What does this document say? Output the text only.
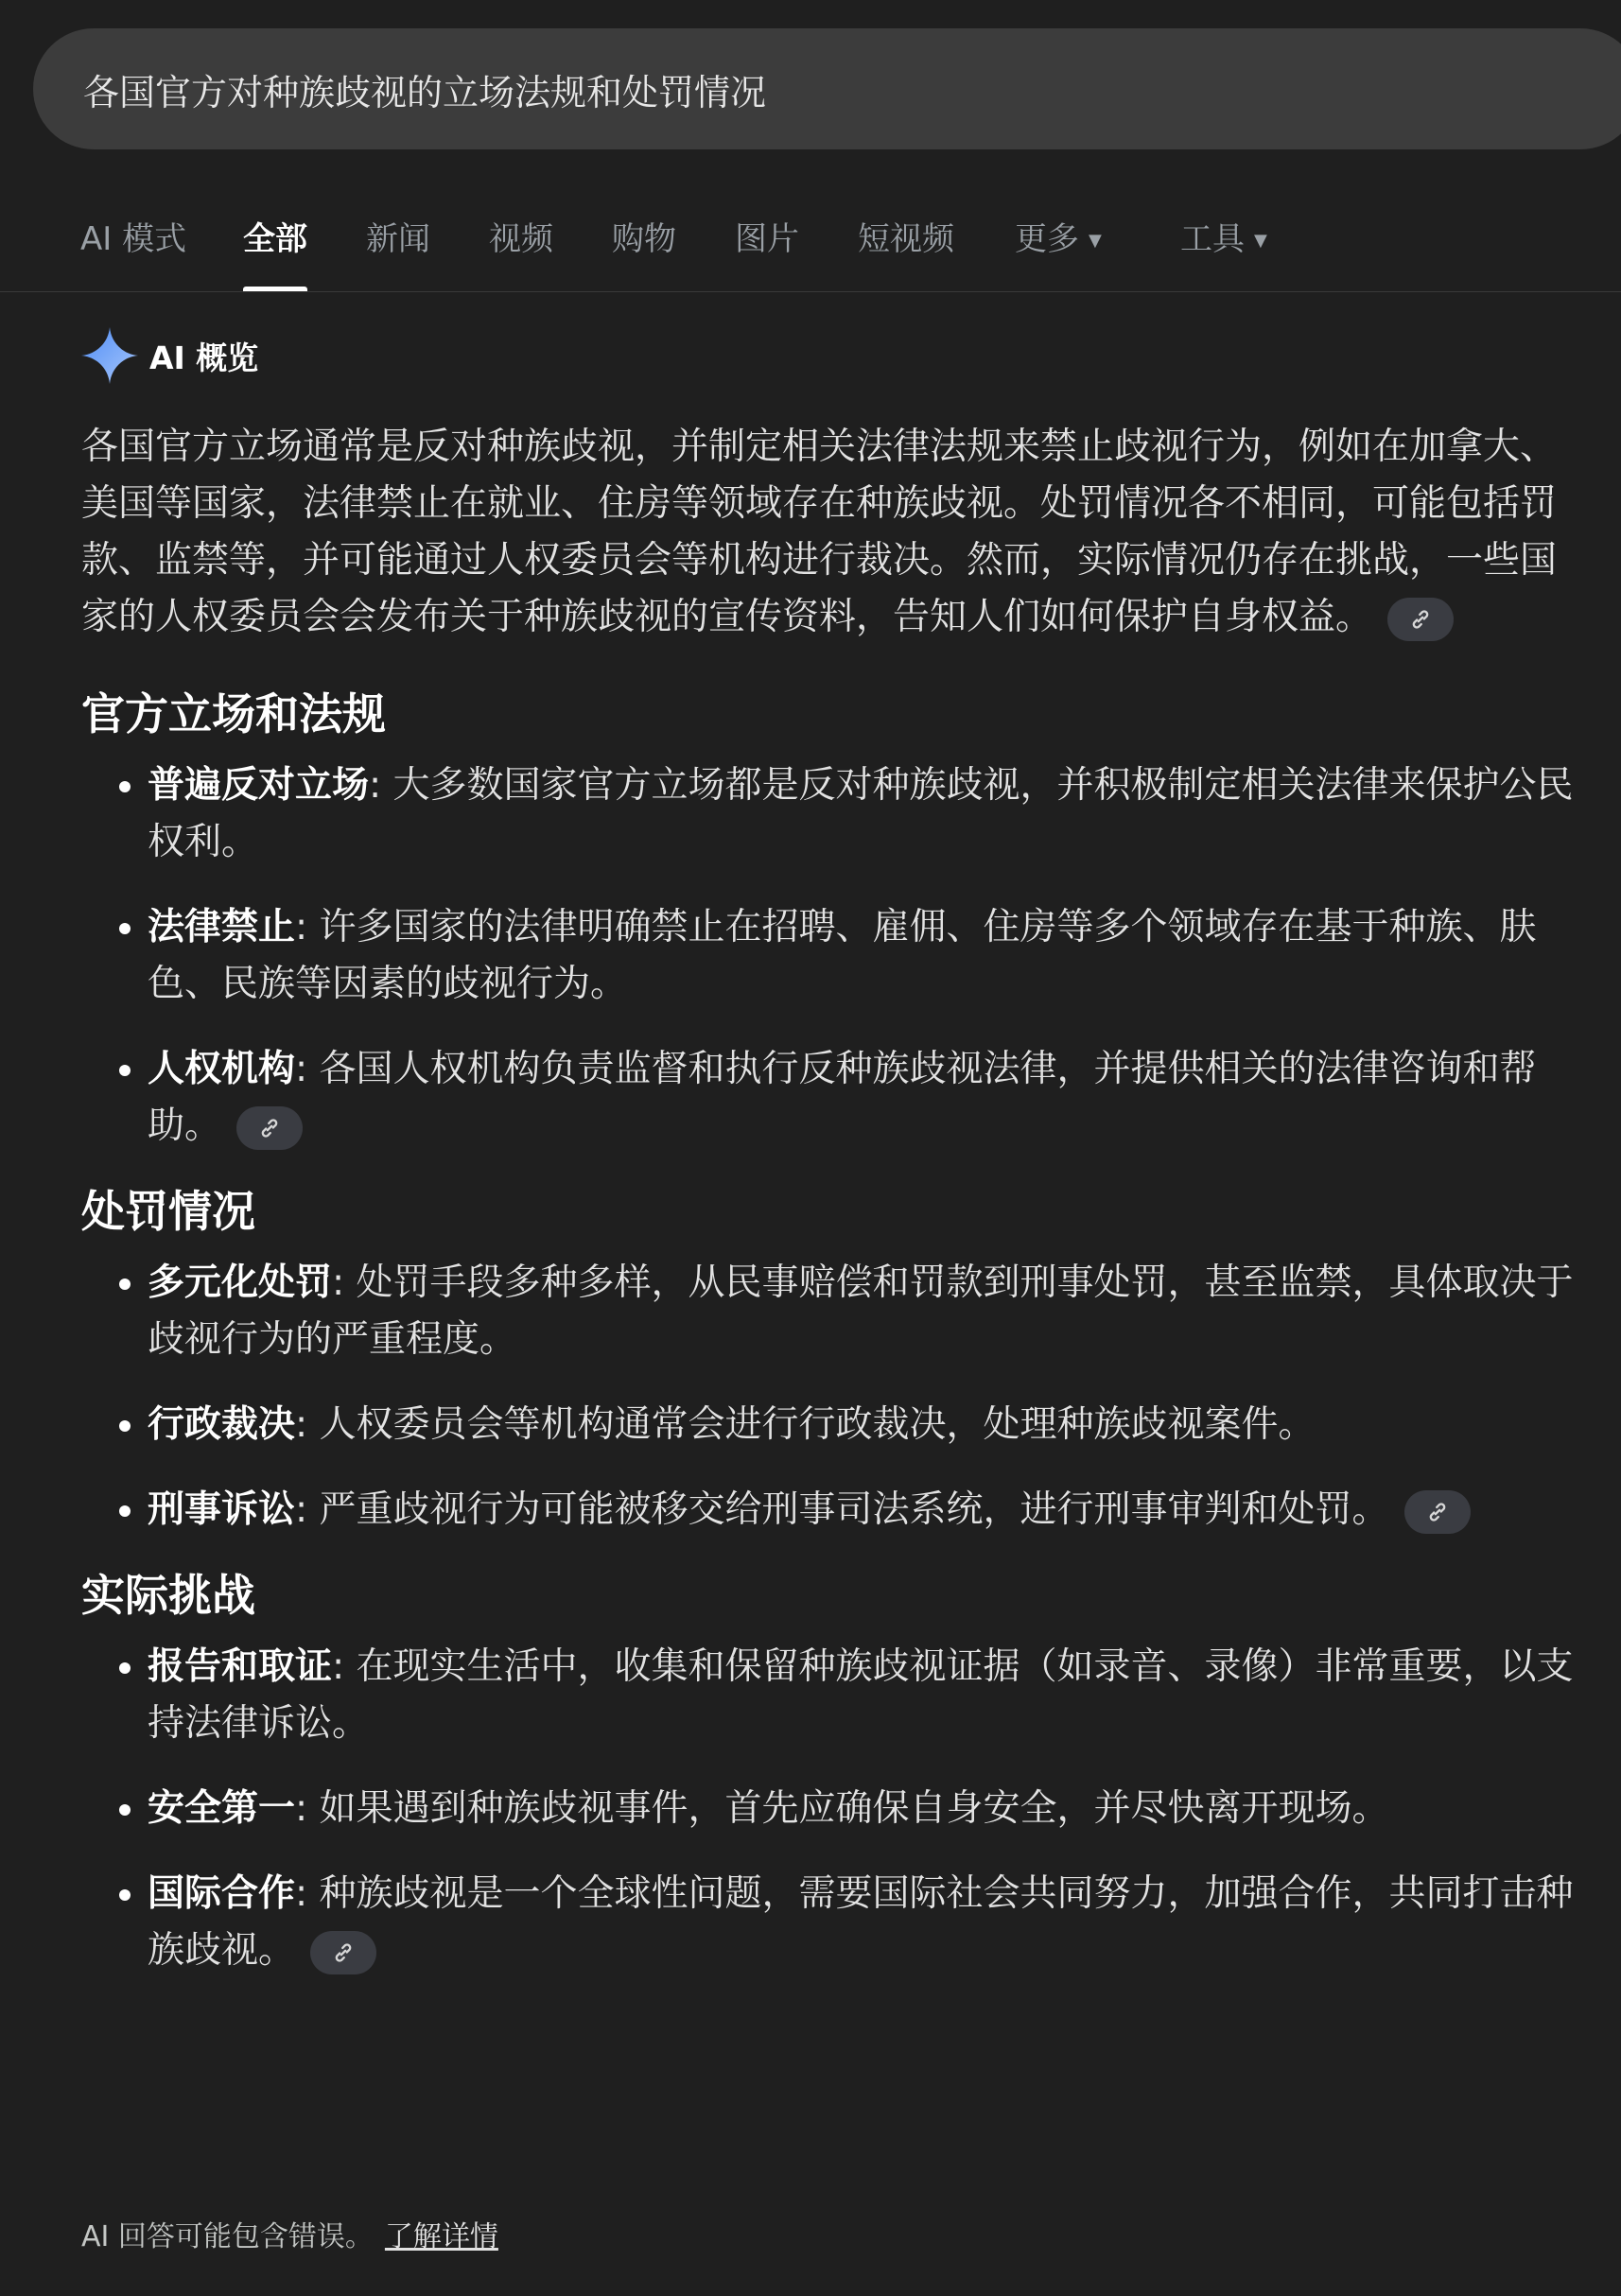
各国官方对种族歧视的立场法规和处罚情况
AI 模式 全部 新闻 视频 购物 图片 短视频 更多 ▼ 工具 ▼
AI 概览

各国官方立场通常是反对种族歧视，并制定相关法律法规来禁止歧视行为，例如在加拿大、美国等国家，法律禁止在就业、住房等领域存在种族歧视。处罚情况各不相同，可能包括罚款、监禁等，并可能通过人权委员会等机构进行裁决。然而，实际情况仍存在挑战，一些国家的人权委员会会发布关于种族歧视的宣传资料，告知人们如何保护自身权益。

官方立场和法规
• 普遍反对立场: 大多数国家官方立场都是反对种族歧视，并积极制定相关法律来保护公民权利。
• 法律禁止: 许多国家的法律明确禁止在招聘、雇佣、住房等多个领域存在基于种族、肤色、民族等因素的歧视行为。
• 人权机构: 各国人权机构负责监督和执行反种族歧视法律，并提供相关的法律咨询和帮助。
处罚情况
• 多元化处罚: 处罚手段多种多样，从民事赔偿和罚款到刑事处罚，甚至监禁，具体取决于歧视行为的严重程度。
• 行政裁决: 人权委员会等机构通常会进行行政裁决，处理种族歧视案件。
• 刑事诉讼: 严重歧视行为可能被移交给刑事司法系统，进行刑事审判和处罚。
实际挑战
• 报告和取证: 在现实生活中，收集和保留种族歧视证据（如录音、录像）非常重要，以支持法律诉讼。
• 安全第一: 如果遇到种族歧视事件，首先应确保自身安全，并尽快离开现场。
• 国际合作: 种族歧视是一个全球性问题，需要国际社会共同努力，加强合作，共同打击种族歧视。
AI 回答可能包含错误。 了解详情
